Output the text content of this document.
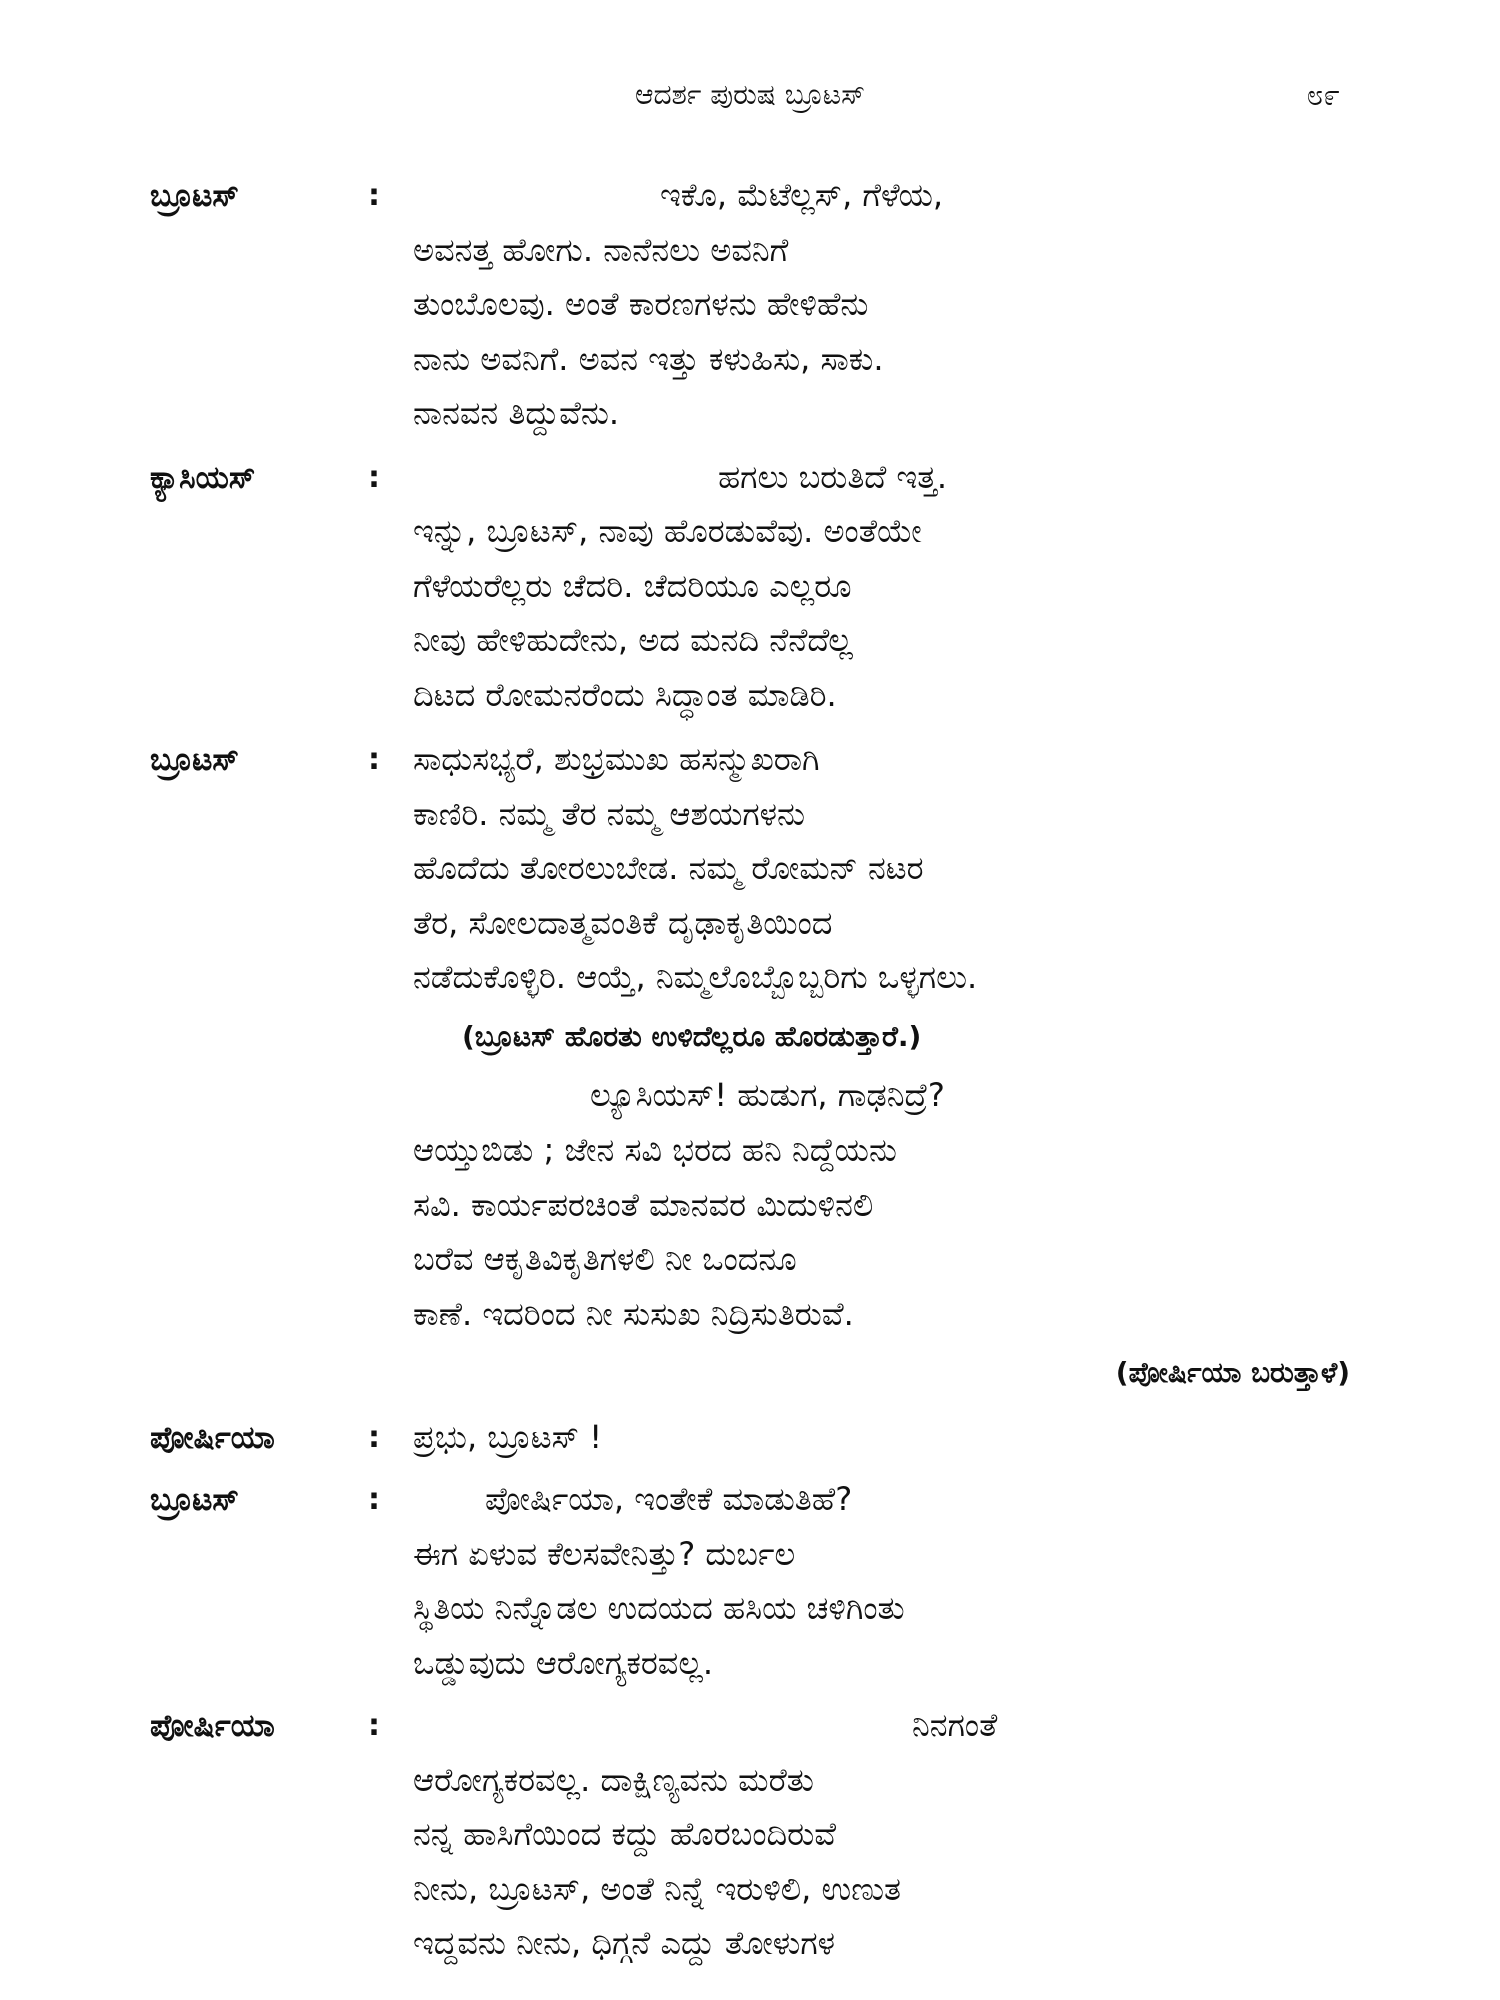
ಆದರ್ಶ ಪುರುಷ ಬ್ರೂಟಸ್	೮೯
ಬ್ರೂಟಸ್	:	ಇಕೊ, ಮೆಟೆಲ್ಲಸ್, ಗೆಳೆಯ,
ಅವನತ್ತ ಹೋಗು. ನಾನೆನಲು ಅವನಿಗೆ
ತುಂಬೊಲವು. ಅಂತೆ ಕಾರಣಗಳನು ಹೇಳಿಹೆನು
ನಾನು ಅವನಿಗೆ. ಅವನ ಇತ್ತು ಕಳುಹಿಸು, ಸಾಕು.
ನಾನವನ ತಿದ್ದುವೆನು.
ಕ್ಯಾಸಿಯಸ್	:	ಹಗಲು ಬರುತಿದೆ ಇತ್ತ.
ಇನ್ನು, ಬ್ರೂಟಸ್, ನಾವು ಹೊರಡುವೆವು. ಅಂತೆಯೇ
ಗೆಳೆಯರೆಲ್ಲರು ಚೆದರಿ. ಚೆದರಿಯೂ ಎಲ್ಲರೂ
ನೀವು ಹೇಳಿಹುದೇನು, ಅದ ಮನದಿ ನೆನೆದೆಲ್ಲ
ದಿಟದ ರೋಮನರೆಂದು ಸಿದ್ಧಾಂತ ಮಾಡಿರಿ.
ಬ್ರೂಟಸ್	: ಸಾಧುಸಭ್ಯರೆ, ಶುಭ್ರಮುಖ ಹಸನ್ಮುಖರಾಗಿ
ಕಾಣಿರಿ. ನಮ್ಮ ತೆರ ನಮ್ಮ ಆಶಯಗಳನು
ಹೊದೆದು ತೋರಲುಬೇಡ. ನಮ್ಮ ರೋಮನ್ ನಟರ
ತೆರ, ಸೋಲದಾತ್ಮವಂತಿಕೆ ದೃಢಾಕೃತಿಯಿಂದ
ನಡೆದುಕೊಳ್ಳಿರಿ. ಆಯ್ತೆ, ನಿಮ್ಮಲೊಬ್ಬೊಬ್ಬರಿಗು ಒಳ್ಳಗಲು.
(ಬ್ರೂಟಸ್ ಹೊರತು ಉಳಿದೆಲ್ಲರೂ ಹೊರಡುತ್ತಾರೆ.)
ಲ್ಯೂಸಿಯಸ್! ಹುಡುಗ, ಗಾಢನಿದ್ರೆ?
ಆಯ್ತುಬಿಡು ; ಜೇನ ಸವಿ ಭರದ ಹನಿ ನಿದ್ದೆಯನು
ಸವಿ. ಕಾರ್ಯಪರಚಿಂತೆ ಮಾನವರ ಮಿದುಳಿನಲಿ
ಬರೆವ ಆಕೃತಿವಿಕೃತಿಗಳಲಿ ನೀ ಒಂದನೂ
ಕಾಣೆ. ಇದರಿಂದ ನೀ ಸುಸುಖ ನಿದ್ರಿಸುತಿರುವೆ.
(ಪೋರ್ಷಿಯಾ ಬರುತ್ತಾಳೆ)
ಪೋರ್ಷಿಯಾ	: ಪ್ರಭು, ಬ್ರೂಟಸ್ !
ಬ್ರೂಟಸ್	:	ಪೋರ್ಷಿಯಾ, ಇಂತೇಕೆ ಮಾಡುತಿಹೆ?
ಈಗ ಏಳುವ ಕೆಲಸವೇನಿತ್ತು? ದುರ್ಬಲ
ಸ್ಥಿತಿಯ ನಿನ್ನೊಡಲ ಉದಯದ ಹಸಿಯ ಚಳಿಗಿಂತು
ಒಡ್ಡುವುದು ಆರೋಗ್ಯಕರವಲ್ಲ.
ಪೋರ್ಷಿಯಾ	:	ನಿನಗಂತೆ
ಆರೋಗ್ಯಕರವಲ್ಲ. ದಾಕ್ಷಿಣ್ಯವನು ಮರೆತು
ನನ್ನ ಹಾಸಿಗೆಯಿಂದ ಕದ್ದು ಹೊರಬಂದಿರುವೆ
ನೀನು, ಬ್ರೂಟಸ್, ಅಂತೆ ನಿನ್ನೆ ಇರುಳಿಲಿ, ಉಣುತ
ಇದ್ದವನು ನೀನು, ಧಿಗ್ಗನೆ ಎದ್ದು ತೋಳುಗಳ
